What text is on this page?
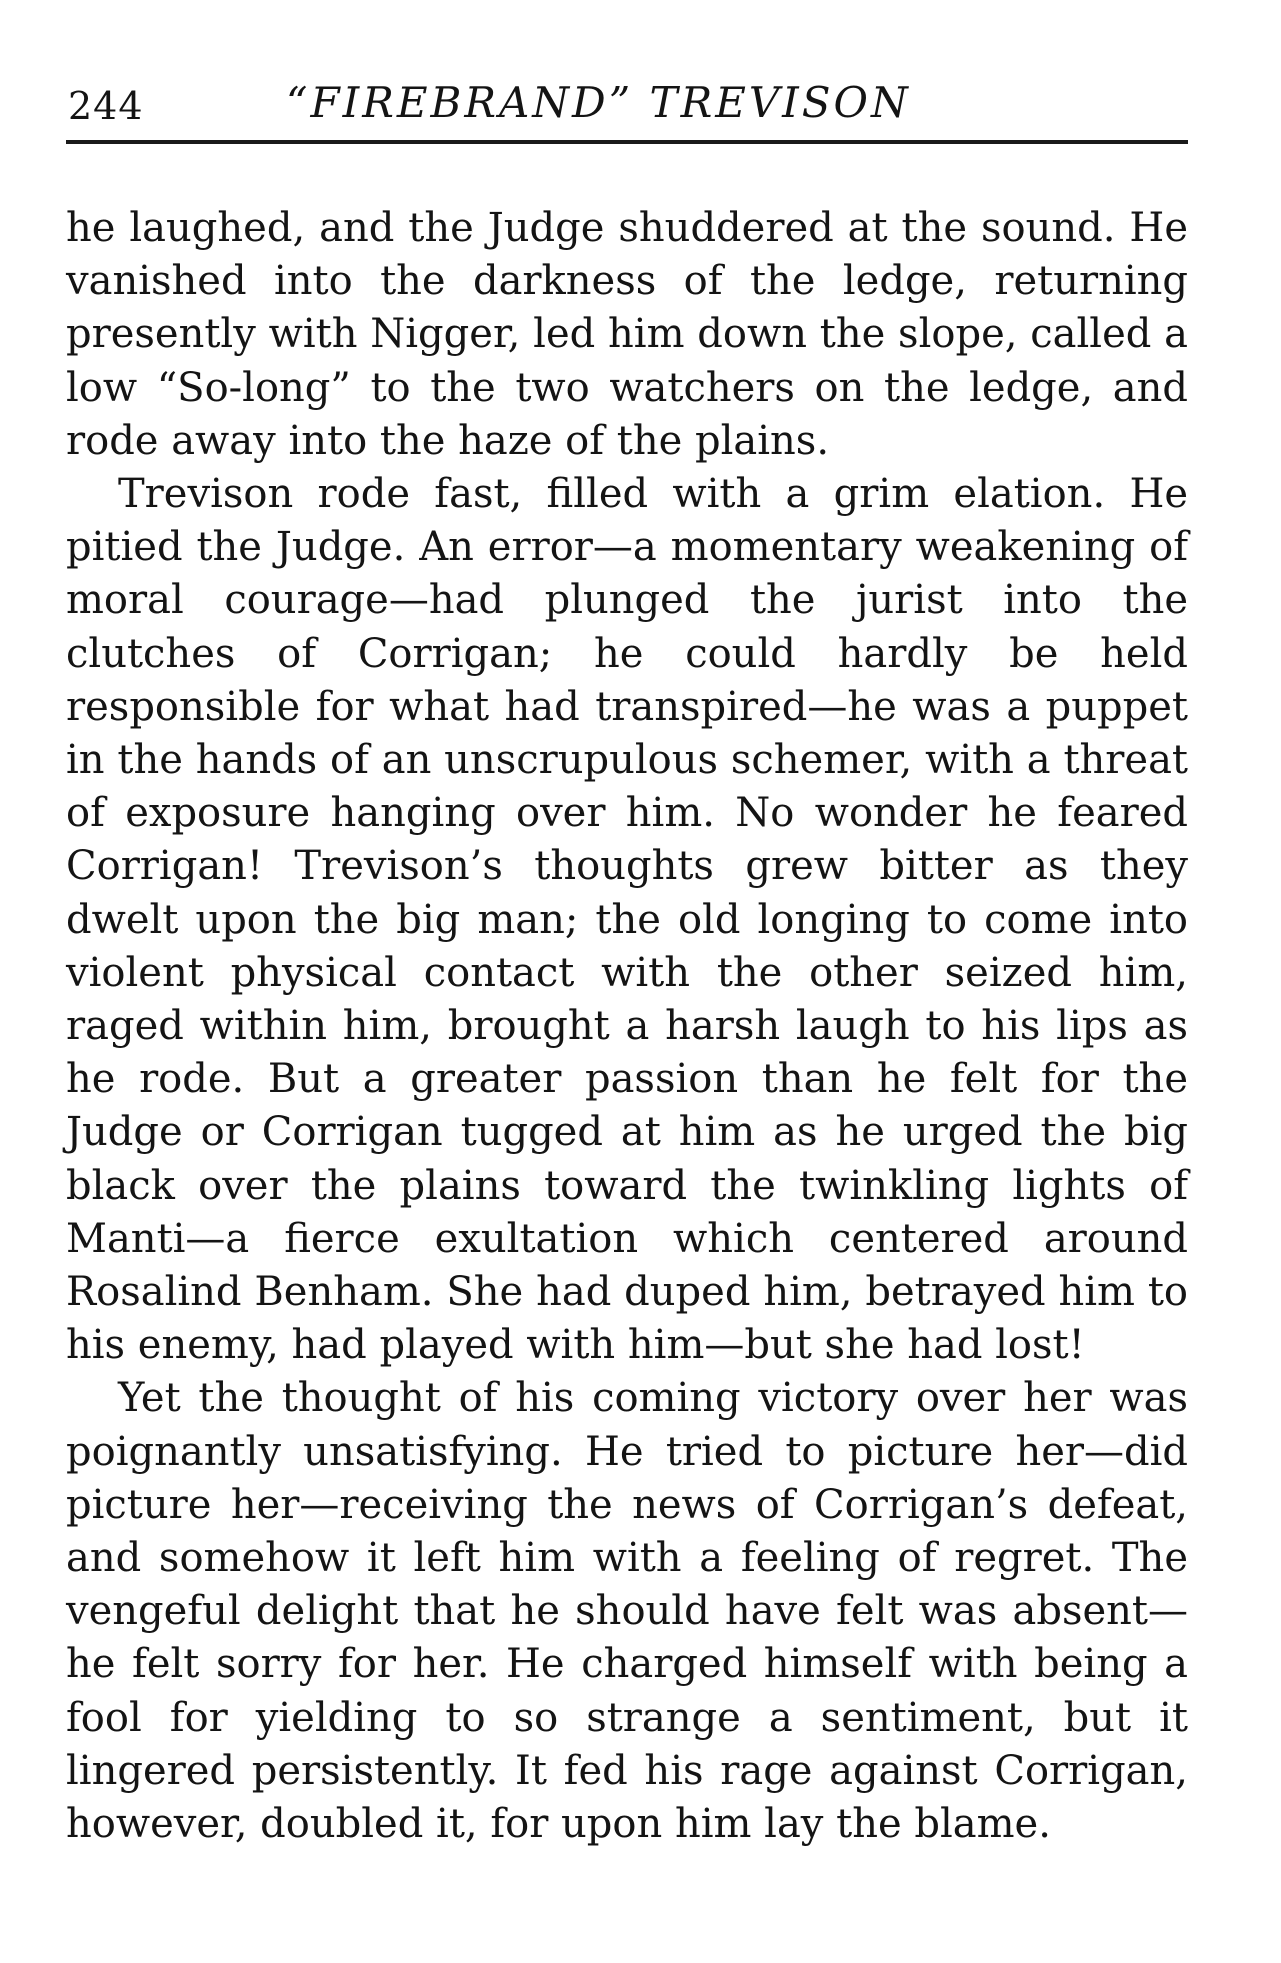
244	“FIREBRAND” TREVISON

he laughed, and the Judge shuddered at the sound. He vanished into the darkness of the ledge, returning presently with Nigger, led him down the slope, called a low “So-long” to the two watchers on the ledge, and rode away into the haze of the plains.

Trevison rode fast, filled with a grim elation. He pitied the Judge. An error—a momentary weakening of moral courage—had plunged the jurist into the clutches of Corrigan; he could hardly be held responsible for what had transpired—he was a puppet in the hands of an unscrupulous schemer, with a threat of exposure hanging over him. No wonder he feared Corrigan! Trevison’s thoughts grew bitter as they dwelt upon the big man; the old longing to come into violent physical contact with the other seized him, raged within him, brought a harsh laugh to his lips as he rode. But a greater passion than he felt for the Judge or Corrigan tugged at him as he urged the big black over the plains toward the twinkling lights of Manti—a fierce exultation which centered around Rosalind Benham. She had duped him, betrayed him to his enemy, had played with him—but she had lost!

Yet the thought of his coming victory over her was poignantly unsatisfying. He tried to picture her—did picture her—receiving the news of Corrigan’s defeat, and somehow it left him with a feeling of regret. The vengeful delight that he should have felt was absent—he felt sorry for her. He charged himself with being a fool for yielding to so strange a sentiment, but it lingered persistently. It fed his rage against Corrigan, however, doubled it, for upon him lay the blame.
